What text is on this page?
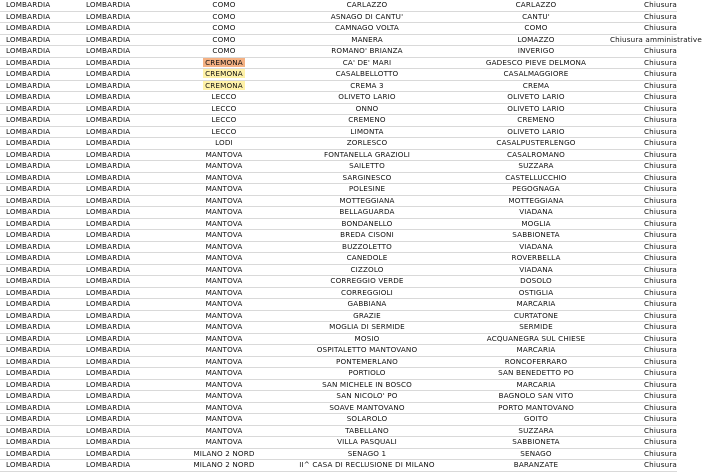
LOMBARDIA	LOMBARDIA	COMO	CARLAZZO	CARLAZZO	Chiusura
LOMBARDIA	LOMBARDIA	COMO	ASNAGO DI CANTU'	CANTU'	Chiusura
LOMBARDIA	LOMBARDIA	COMO	CAMNAGO VOLTA	COMO	Chiusura
LOMBARDIA	LOMBARDIA	COMO	MANERA	LOMAZZO	Chiusura amministrative
LOMBARDIA	LOMBARDIA	COMO	ROMANO' BRIANZA	INVERIGO	Chiusura
LOMBARDIA	LOMBARDIA	CREMONA	CA' DE' MARI	GADESCO PIEVE DELMONA	Chiusura
LOMBARDIA	LOMBARDIA	CREMONA	CASALBELLOTTO	CASALMAGGIORE	Chiusura
LOMBARDIA	LOMBARDIA	CREMONA	CREMA 3	CREMA	Chiusura
LOMBARDIA	LOMBARDIA	LECCO	OLIVETO LARIO	OLIVETO LARIO	Chiusura
LOMBARDIA	LOMBARDIA	LECCO	ONNO	OLIVETO LARIO	Chiusura
LOMBARDIA	LOMBARDIA	LECCO	CREMENO	CREMENO	Chiusura
LOMBARDIA	LOMBARDIA	LECCO	LIMONTA	OLIVETO LARIO	Chiusura
LOMBARDIA	LOMBARDIA	LODI	ZORLESCO	CASALPUSTERLENGO	Chiusura
LOMBARDIA	LOMBARDIA	MANTOVA	FONTANELLA GRAZIOLI	CASALROMANO	Chiusura
LOMBARDIA	LOMBARDIA	MANTOVA	SAILETTO	SUZZARA	Chiusura
LOMBARDIA	LOMBARDIA	MANTOVA	SARGINESCO	CASTELLUCCHIO	Chiusura
LOMBARDIA	LOMBARDIA	MANTOVA	POLESINE	PEGOGNAGA	Chiusura
LOMBARDIA	LOMBARDIA	MANTOVA	MOTTEGGIANA	MOTTEGGIANA	Chiusura
LOMBARDIA	LOMBARDIA	MANTOVA	BELLAGUARDA	VIADANA	Chiusura
LOMBARDIA	LOMBARDIA	MANTOVA	BONDANELLO	MOGLIA	Chiusura
LOMBARDIA	LOMBARDIA	MANTOVA	BREDA CISONI	SABBIONETA	Chiusura
LOMBARDIA	LOMBARDIA	MANTOVA	BUZZOLETTO	VIADANA	Chiusura
LOMBARDIA	LOMBARDIA	MANTOVA	CANEDOLE	ROVERBELLA	Chiusura
LOMBARDIA	LOMBARDIA	MANTOVA	CIZZOLO	VIADANA	Chiusura
LOMBARDIA	LOMBARDIA	MANTOVA	CORREGGIO VERDE	DOSOLO	Chiusura
LOMBARDIA	LOMBARDIA	MANTOVA	CORREGGIOLI	OSTIGLIA	Chiusura
LOMBARDIA	LOMBARDIA	MANTOVA	GABBIANA	MARCARIA	Chiusura
LOMBARDIA	LOMBARDIA	MANTOVA	GRAZIE	CURTATONE	Chiusura
LOMBARDIA	LOMBARDIA	MANTOVA	MOGLIA DI SERMIDE	SERMIDE	Chiusura
LOMBARDIA	LOMBARDIA	MANTOVA	MOSIO	ACQUANEGRA SUL CHIESE	Chiusura
LOMBARDIA	LOMBARDIA	MANTOVA	OSPITALETTO MANTOVANO	MARCARIA	Chiusura
LOMBARDIA	LOMBARDIA	MANTOVA	PONTEMERLANO	RONCOFERRARO	Chiusura
LOMBARDIA	LOMBARDIA	MANTOVA	PORTIOLO	SAN BENEDETTO PO	Chiusura
LOMBARDIA	LOMBARDIA	MANTOVA	SAN MICHELE IN BOSCO	MARCARIA	Chiusura
LOMBARDIA	LOMBARDIA	MANTOVA	SAN NICOLO' PO	BAGNOLO SAN VITO	Chiusura
LOMBARDIA	LOMBARDIA	MANTOVA	SOAVE MANTOVANO	PORTO MANTOVANO	Chiusura
LOMBARDIA	LOMBARDIA	MANTOVA	SOLAROLO	GOITO	Chiusura
LOMBARDIA	LOMBARDIA	MANTOVA	TABELLANO	SUZZARA	Chiusura
LOMBARDIA	LOMBARDIA	MANTOVA	VILLA PASQUALI	SABBIONETA	Chiusura
LOMBARDIA	LOMBARDIA	MILANO 2 NORD	SENAGO 1	SENAGO	Chiusura
LOMBARDIA	LOMBARDIA	MILANO 2 NORD	II^ CASA DI RECLUSIONE DI MILANO	BARANZATE	Chiusura
